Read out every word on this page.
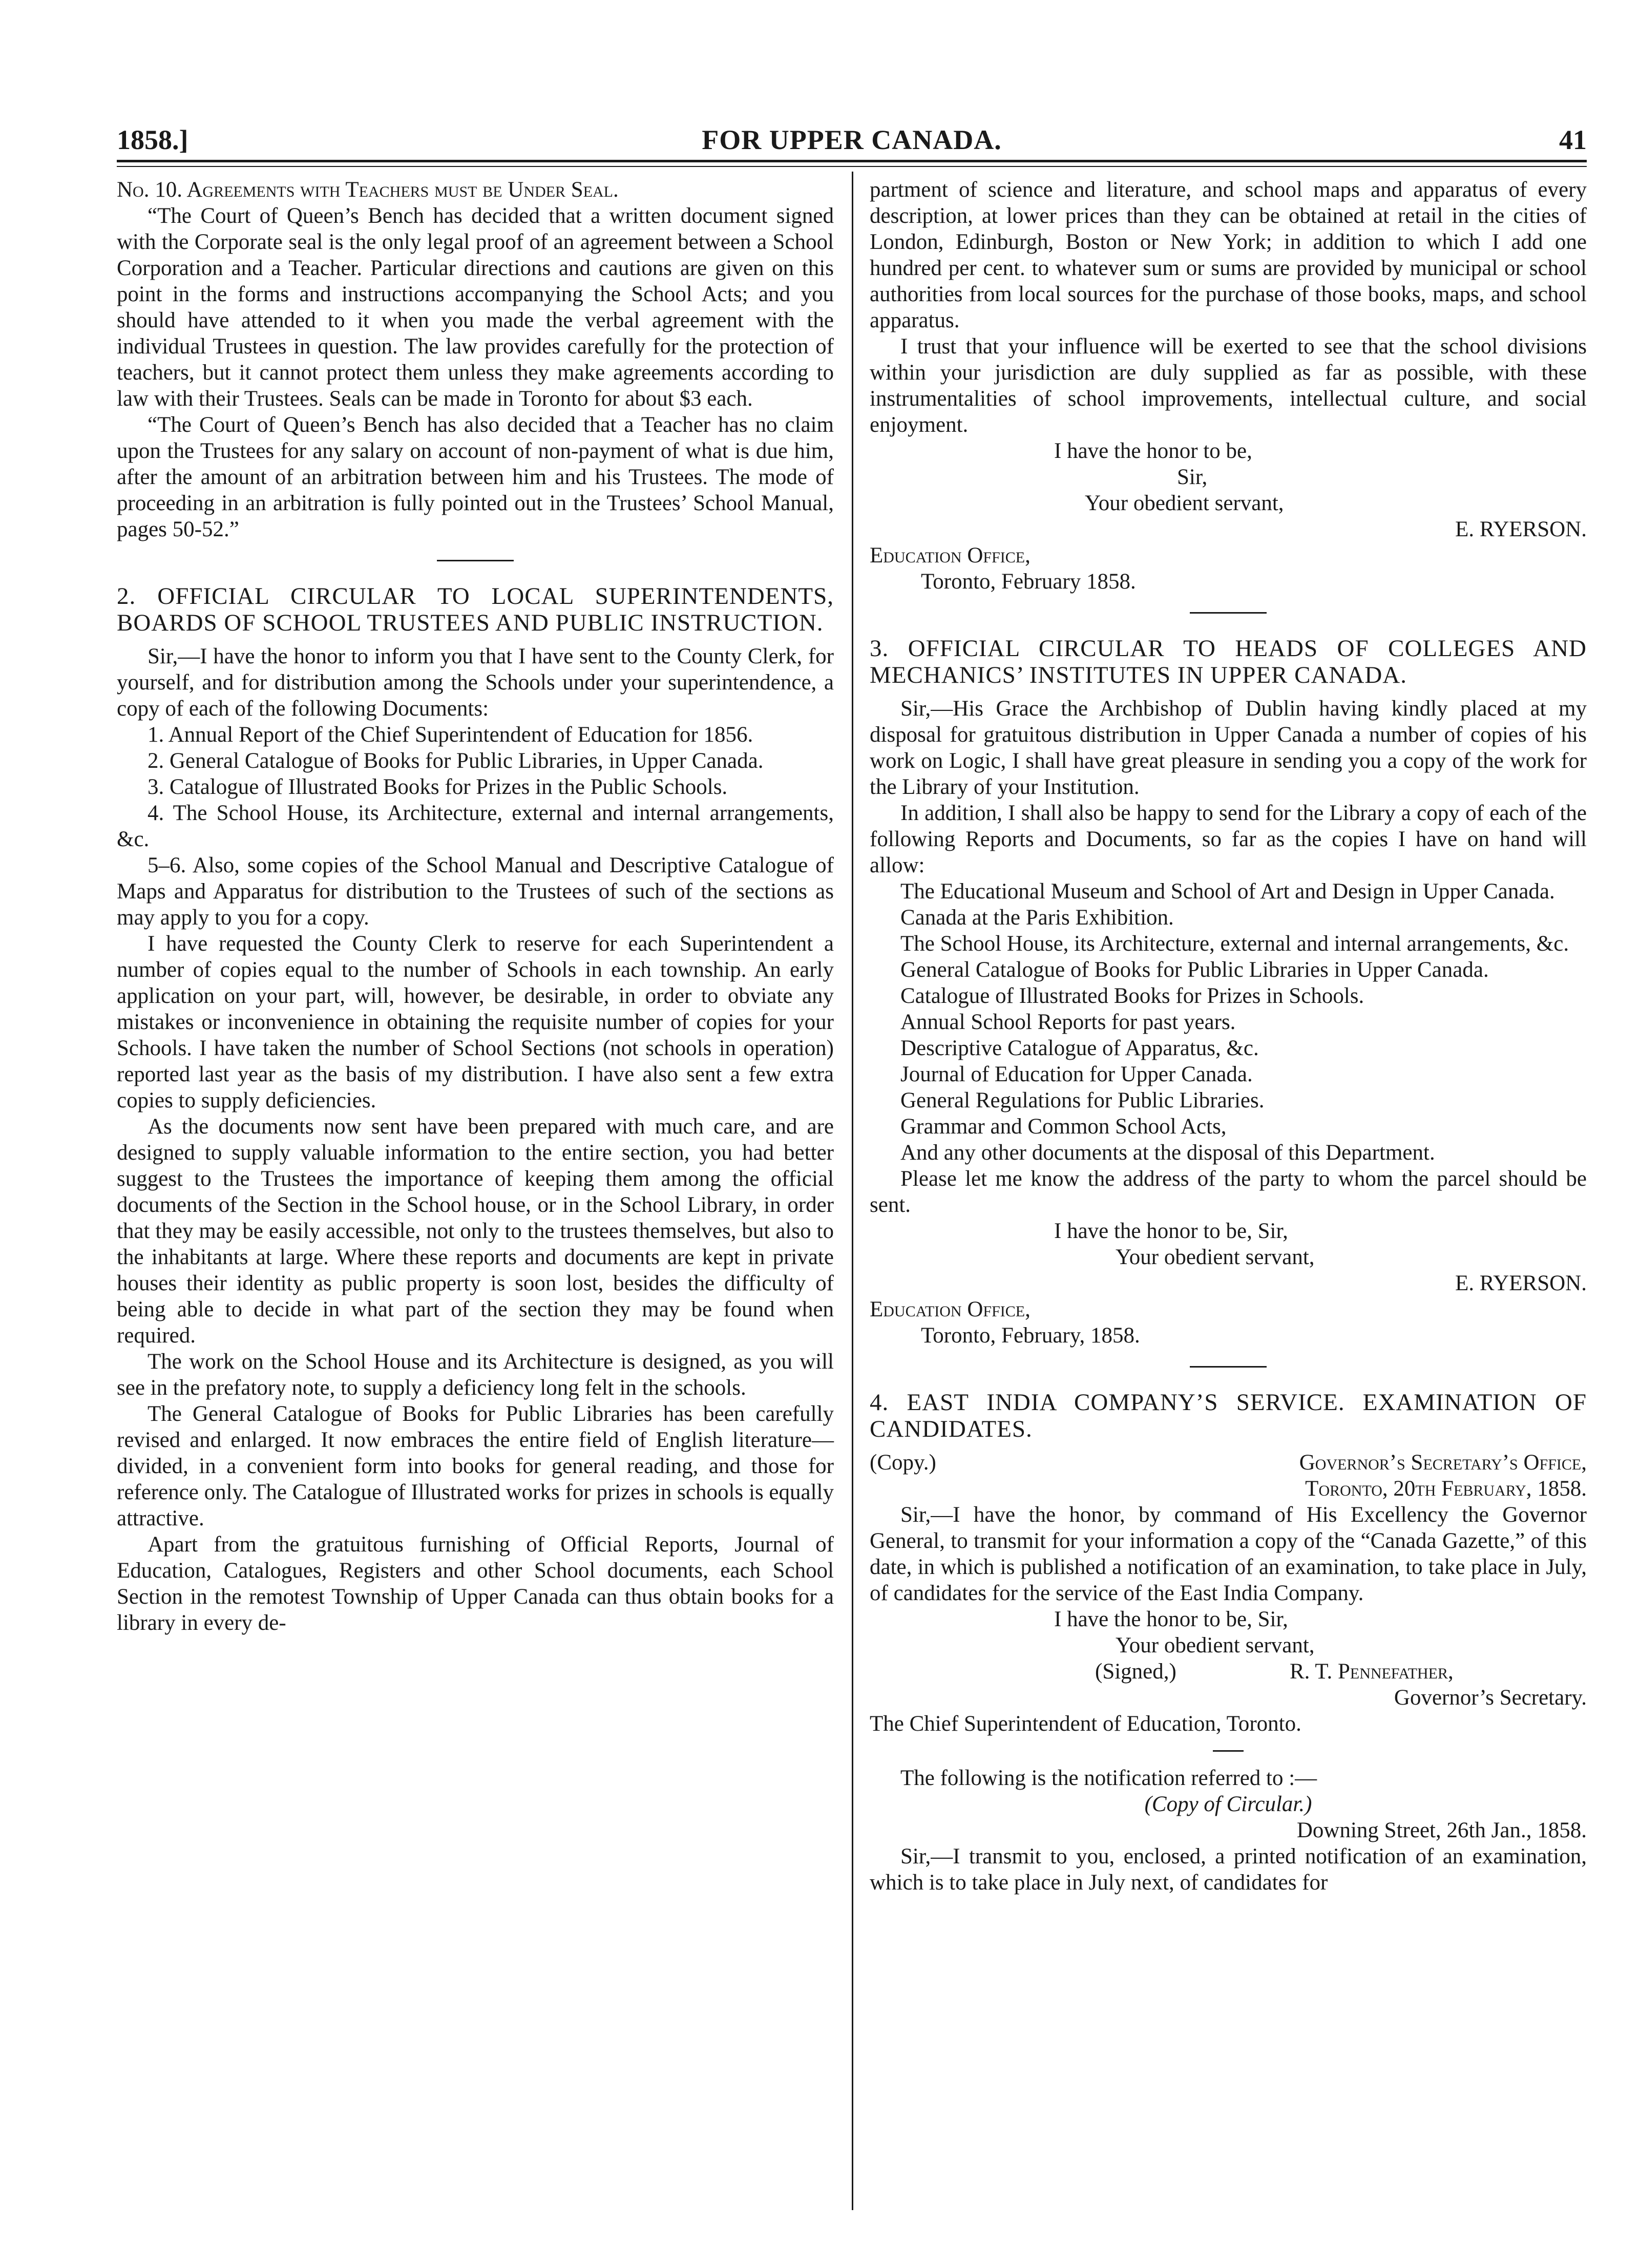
1858.]	FOR UPPER CANADA.	41

No. 10. Agreements with Teachers must be Under Seal.

“The Court of Queen’s Bench has decided that a written document signed with the Corporate seal is the only legal proof of an agreement between a School Corporation and a Teacher. Particular directions and cautions are given on this point in the forms and instructions accompanying the School Acts; and you should have attended to it when you made the verbal agreement with the individual Trustees in question. The law provides carefully for the protection of teachers, but it cannot protect them unless they make agreements according to law with their Trustees. Seals can be made in Toronto for about $3 each.

“The Court of Queen’s Bench has also decided that a Teacher has no claim upon the Trustees for any salary on account of non-payment of what is due him, after the amount of an arbitration between him and his Trustees. The mode of proceeding in an arbitration is fully pointed out in the Trustees’ School Manual, pages 50-52.”

2. OFFICIAL CIRCULAR TO LOCAL SUPERINTENDENTS, BOARDS OF SCHOOL TRUSTEES AND PUBLIC INSTRUCTION.

Sir,—I have the honor to inform you that I have sent to the County Clerk, for yourself, and for distribution among the Schools under your superintendence, a copy of each of the following Documents:

1. Annual Report of the Chief Superintendent of Education for 1856.

2. General Catalogue of Books for Public Libraries, in Upper Canada.

3. Catalogue of Illustrated Books for Prizes in the Public Schools.

4. The School House, its Architecture, external and internal arrangements, &c.

5–6. Also, some copies of the School Manual and Descriptive Catalogue of Maps and Apparatus for distribution to the Trustees of such of the sections as may apply to you for a copy.

I have requested the County Clerk to reserve for each Superintendent a number of copies equal to the number of Schools in each township. An early application on your part, will, however, be desirable, in order to obviate any mistakes or inconvenience in obtaining the requisite number of copies for your Schools. I have taken the number of School Sections (not schools in operation) reported last year as the basis of my distribution. I have also sent a few extra copies to supply deficiencies.

As the documents now sent have been prepared with much care, and are designed to supply valuable information to the entire section, you had better suggest to the Trustees the importance of keeping them among the official documents of the Section in the School house, or in the School Library, in order that they may be easily accessible, not only to the trustees themselves, but also to the inhabitants at large. Where these reports and documents are kept in private houses their identity as public property is soon lost, besides the difficulty of being able to decide in what part of the section they may be found when required.

The work on the School House and its Architecture is designed, as you will see in the prefatory note, to supply a deficiency long felt in the schools.

The General Catalogue of Books for Public Libraries has been carefully revised and enlarged. It now embraces the entire field of English literature—divided, in a convenient form into books for general reading, and those for reference only. The Catalogue of Illustrated works for prizes in schools is equally attractive.

Apart from the gratuitous furnishing of Official Reports, Journal of Education, Catalogues, Registers and other School documents, each School Section in the remotest Township of Upper Canada can thus obtain books for a library in every de-

partment of science and literature, and school maps and apparatus of every description, at lower prices than they can be obtained at retail in the cities of London, Edinburgh, Boston or New York; in addition to which I add one hundred per cent. to whatever sum or sums are provided by municipal or school authorities from local sources for the purchase of those books, maps, and school apparatus.

I trust that your influence will be exerted to see that the school divisions within your jurisdiction are duly supplied as far as possible, with these instrumentalities of school improvements, intellectual culture, and social enjoyment.

I have the honor to be,

Sir,

Your obedient servant,

E. RYERSON.

Education Office,

Toronto, February 1858.

3. OFFICIAL CIRCULAR TO HEADS OF COLLEGES AND MECHANICS’ INSTITUTES IN UPPER CANADA.

Sir,—His Grace the Archbishop of Dublin having kindly placed at my disposal for gratuitous distribution in Upper Canada a number of copies of his work on Logic, I shall have great pleasure in sending you a copy of the work for the Library of your Institution.

In addition, I shall also be happy to send for the Library a copy of each of the following Reports and Documents, so far as the copies I have on hand will allow:

The Educational Museum and School of Art and Design in Upper Canada.

Canada at the Paris Exhibition.

The School House, its Architecture, external and internal arrangements, &c.

General Catalogue of Books for Public Libraries in Upper Canada.

Catalogue of Illustrated Books for Prizes in Schools.

Annual School Reports for past years.

Descriptive Catalogue of Apparatus, &c.

Journal of Education for Upper Canada.

General Regulations for Public Libraries.

Grammar and Common School Acts,

And any other documents at the disposal of this Department.

Please let me know the address of the party to whom the parcel should be sent.

I have the honor to be, Sir,

Your obedient servant,

E. RYERSON.

Education Office,

Toronto, February, 1858.

4. EAST INDIA COMPANY’S SERVICE. EXAMINATION OF CANDIDATES.
(Copy.)	Governor’s Secretary’s Office,

Toronto, 20th February, 1858.

Sir,—I have the honor, by command of His Excellency the Governor General, to transmit for your information a copy of the “Canada Gazette,” of this date, in which is published a notification of an examination, to take place in July, of candidates for the service of the East India Company.

I have the honor to be, Sir,

Your obedient servant,

(Signed,)	R. T. Pennefather,

Governor’s Secretary.

The Chief Superintendent of Education, Toronto.

The following is the notification referred to :—

(Copy of Circular.)

Downing Street, 26th Jan., 1858.

Sir,—I transmit to you, enclosed, a printed notification of an examination, which is to take place in July next, of candidates for
